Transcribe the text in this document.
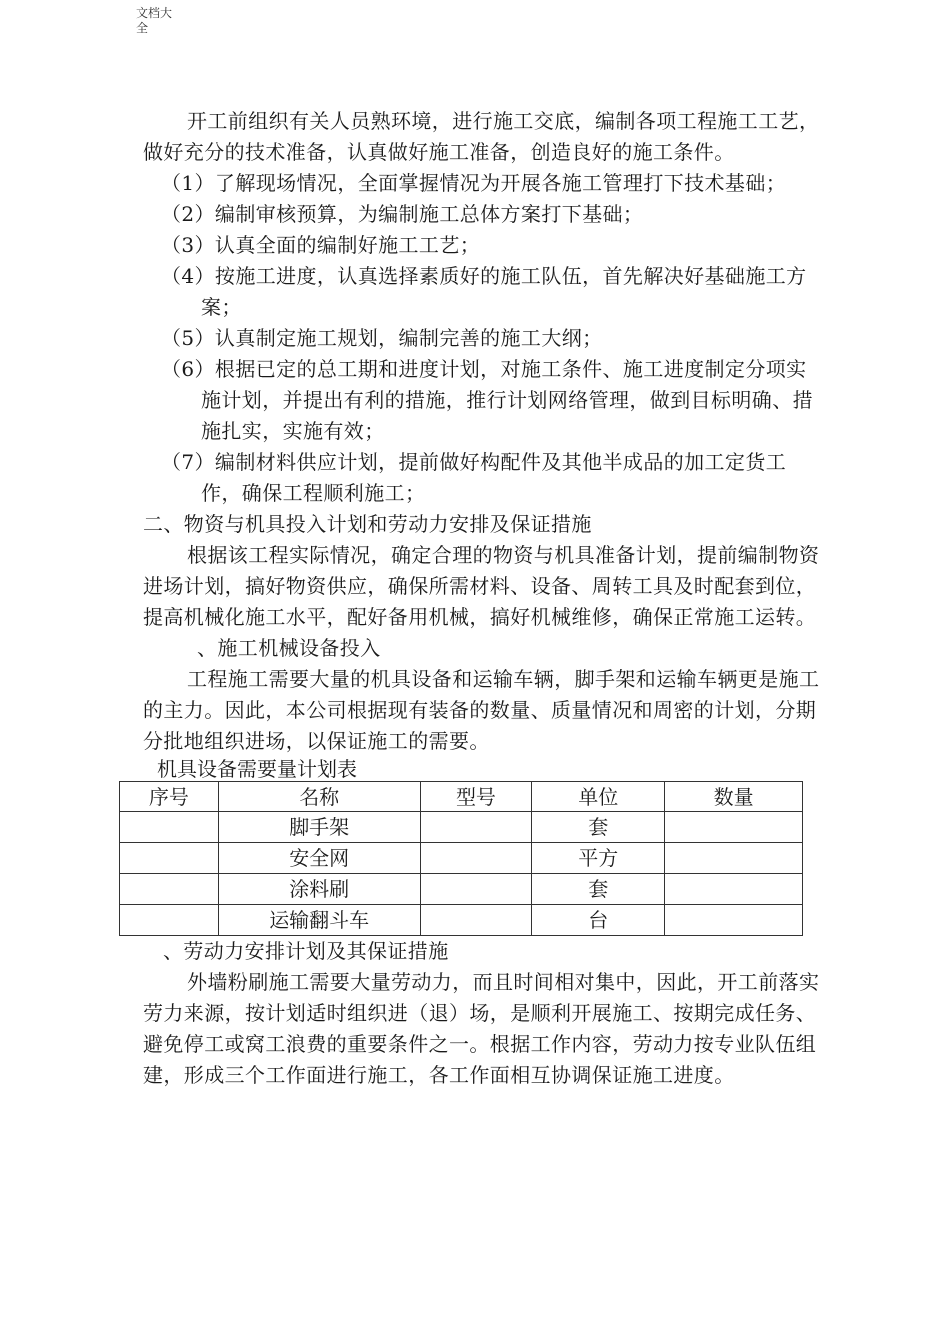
文档大
全

开工前组织有关人员熟环境，进行施工交底，编制各项工程施工工艺，做好充分的技术准备，认真做好施工准备，创造良好的施工条件。

（1）了解现场情况，全面掌握情况为开展各施工管理打下技术基础；

（2）编制审核预算，为编制施工总体方案打下基础；

（3）认真全面的编制好施工工艺；

（4）按施工进度，认真选择素质好的施工队伍，首先解决好基础施工方案；

（5）认真制定施工规划，编制完善的施工大纲；

（6）根据已定的总工期和进度计划，对施工条件、施工进度制定分项实施计划，并提出有利的措施，推行计划网络管理，做到目标明确、措施扎实，实施有效；

（7）编制材料供应计划，提前做好构配件及其他半成品的加工定货工作，确保工程顺利施工；

二、物资与机具投入计划和劳动力安排及保证措施

根据该工程实际情况，确定合理的物资与机具准备计划，提前编制物资进场计划，搞好物资供应，确保所需材料、设备、周转工具及时配套到位，提高机械化施工水平，配好备用机械，搞好机械维修，确保正常施工运转。

、施工机械设备投入

工程施工需要大量的机具设备和运输车辆，脚手架和运输车辆更是施工的主力。因此，本公司根据现有装备的数量、质量情况和周密的计划，分期分批地组织进场，以保证施工的需要。

机具设备需要量计划表

序号	名称	型号	单位	数量
	脚手架		套	
	安全网		平方	
	涂料刷		套	
	运输翻斗车		台	

、劳动力安排计划及其保证措施

外墙粉刷施工需要大量劳动力，而且时间相对集中，因此，开工前落实劳力来源，按计划适时组织进（退）场，是顺利开展施工、按期完成任务、避免停工或窝工浪费的重要条件之一。根据工作内容，劳动力按专业队伍组建，形成三个工作面进行施工，各工作面相互协调保证施工进度。
